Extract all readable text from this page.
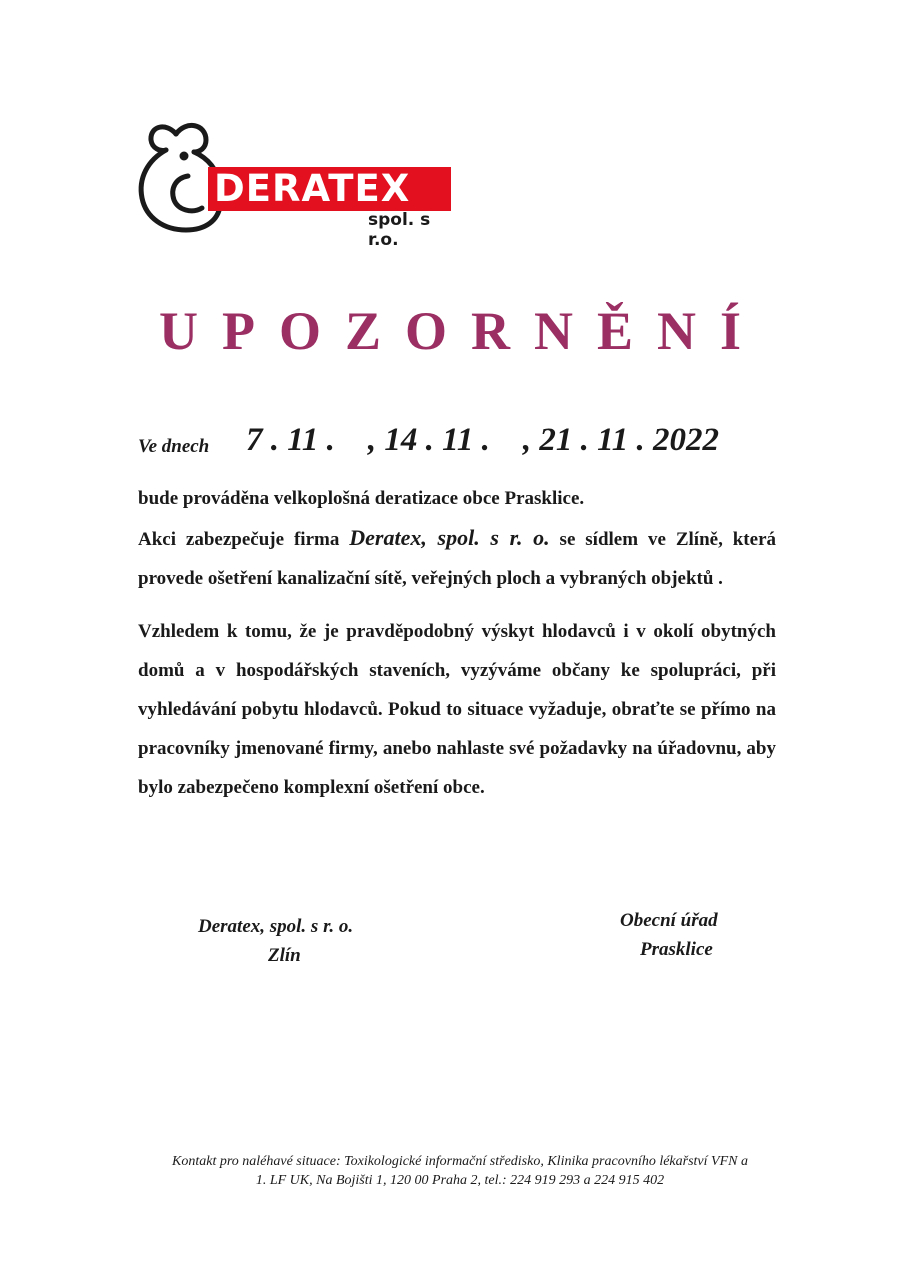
DERATEX
spol. s r.o.
UPOZORNĚNÍ
Ve dnech 7 . 11 .    , 14 . 11 .    , 21 . 11 . 2022

bude prováděna velkoplošná deratizace obce Prasklice.

Akci zabezpečuje firma Deratex, spol. s r. o. se sídlem ve Zlíně, která provede ošetření kanalizační sítě, veřejných ploch a vybraných objektů .

Vzhledem k tomu, že je pravděpodobný výskyt hlodavců i v okolí obytných domů a v hospodářských staveních, vyzýváme občany ke spolupráci, při vyhledávání pobytu hlodavců. Pokud to situace vyžaduje, obraťte se přímo na pracovníky jmenované firmy, anebo nahlaste své požadavky na úřadovnu, aby bylo zabezpečeno komplexní ošetření obce.

Deratex, spol. s r. o.
Zlín
Obecní úřad
Prasklice
Kontakt pro naléhavé situace: Toxikologické informační středisko, Klinika pracovního lékařství VFN a
1. LF UK, Na Bojišti 1, 120 00 Praha 2, tel.: 224 919 293 a 224 915 402
